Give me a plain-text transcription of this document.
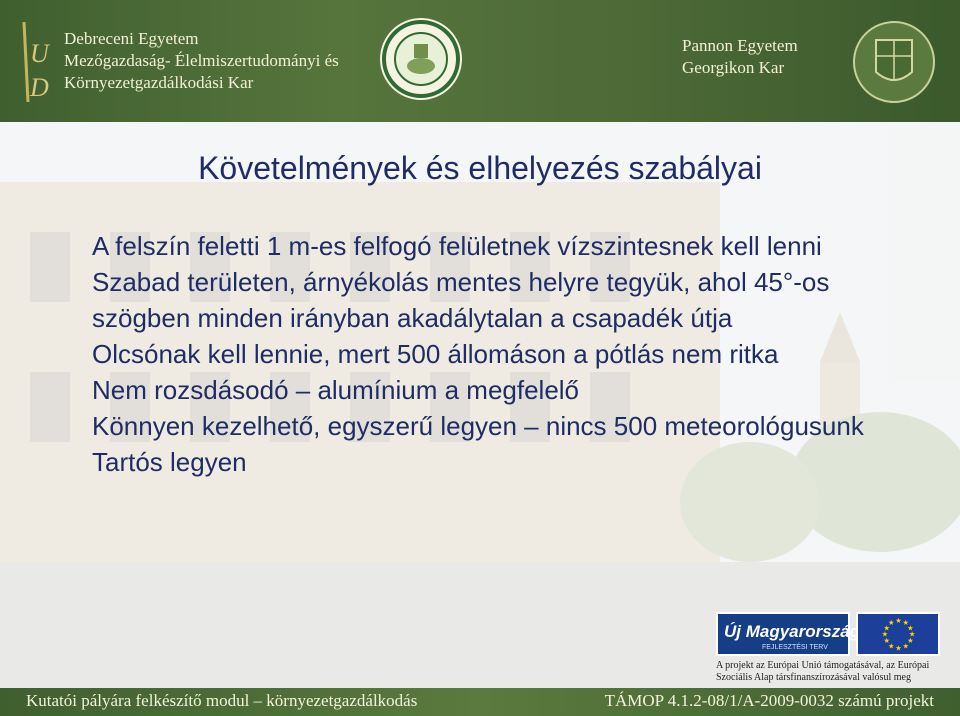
U
D
Debreceni Egyetem
Mezőgazdaság- Élelmiszertudományi és
Környezetgazdálkodási Kar
Pannon Egyetem
Georgikon Kar
Követelmények és elhelyezés szabályai
A felszín feletti 1 m-es felfogó felületnek vízszintesnek kell lenni
Szabad területen, árnyékolás mentes helyre tegyük, ahol 45°-os szögben minden irányban akadálytalan a csapadék útja
Olcsónak kell lennie, mert 500 állomáson a pótlás nem ritka
Nem rozsdásodó – alumínium a megfelelő
Könnyen kezelhető, egyszerű legyen – nincs 500 meteorológusunk
Tartós legyen
Új Magyarország
FEJLESZTÉSI TERV
★ ★
★
★
★
★
★
★
★
★
★
★
A projekt az Európai Unió támogatásával, az Európai
Szociális Alap társfinanszírozásával valósul meg
Kutatói pályára felkészítő modul – környezetgazdálkodás	TÁMOP 4.1.2-08/1/A-2009-0032 számú projekt
